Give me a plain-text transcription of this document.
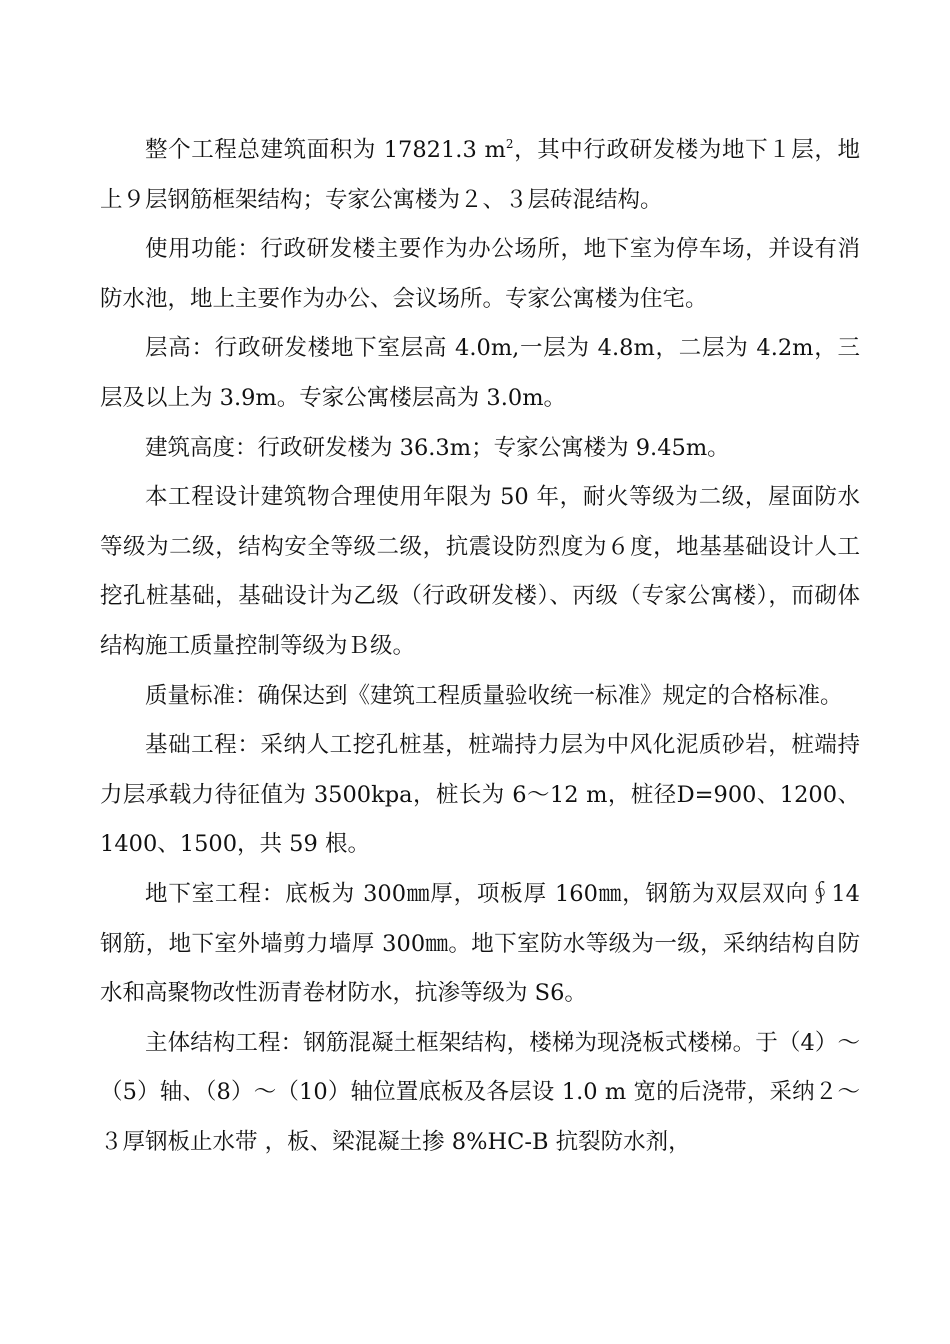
整个工程总建筑面积为 17821.3 $m^2$，其中行政研发楼为地下１层，地上９层钢筋框架结构；专家公寓楼为２、３层砖混结构。

使用功能：行政研发楼主要作为办公场所，地下室为停车场，并设有消防水池，地上主要作为办公、会议场所。专家公寓楼为住宅。

层高：行政研发楼地下室层高 4.0m,一层为 4.8m，二层为 4.2m，三层及以上为 3.9m。专家公寓楼层高为 3.0m。

建筑高度：行政研发楼为 36.3m；专家公寓楼为 9.45m。

本工程设计建筑物合理使用年限为 50 年，耐火等级为二级，屋面防水等级为二级，结构安全等级二级，抗震设防烈度为６度，地基基础设计人工挖孔桩基础，基础设计为乙级（行政研发楼）、丙级（专家公寓楼），而砌体结构施工质量控制等级为Ｂ级。

质量标准：确保达到《建筑工程质量验收统一标准》规定的合格标准。

基础工程：采纳人工挖孔桩基，桩端持力层为中风化泥质砂岩，桩端持力层承载力待征值为 3500kpa，桩长为 6～12 m，桩径D=900、1200、1400、1500，共 59 根。

地下室工程：底板为 300㎜厚，项板厚 160㎜，钢筋为双层双向∮14 钢筋，地下室外墙剪力墙厚 300㎜。地下室防水等级为一级，采纳结构自防水和高聚物改性沥青卷材防水，抗渗等级为 S6。

主体结构工程：钢筋混凝土框架结构，楼梯为现浇板式楼梯。于（4）～（5）轴、（8）～（10）轴位置底板及各层设 1.0 m 宽的后浇带，采纳２～３厚钢板止水带 ，板、梁混凝土掺 8%HC-B 抗裂防水剂，
